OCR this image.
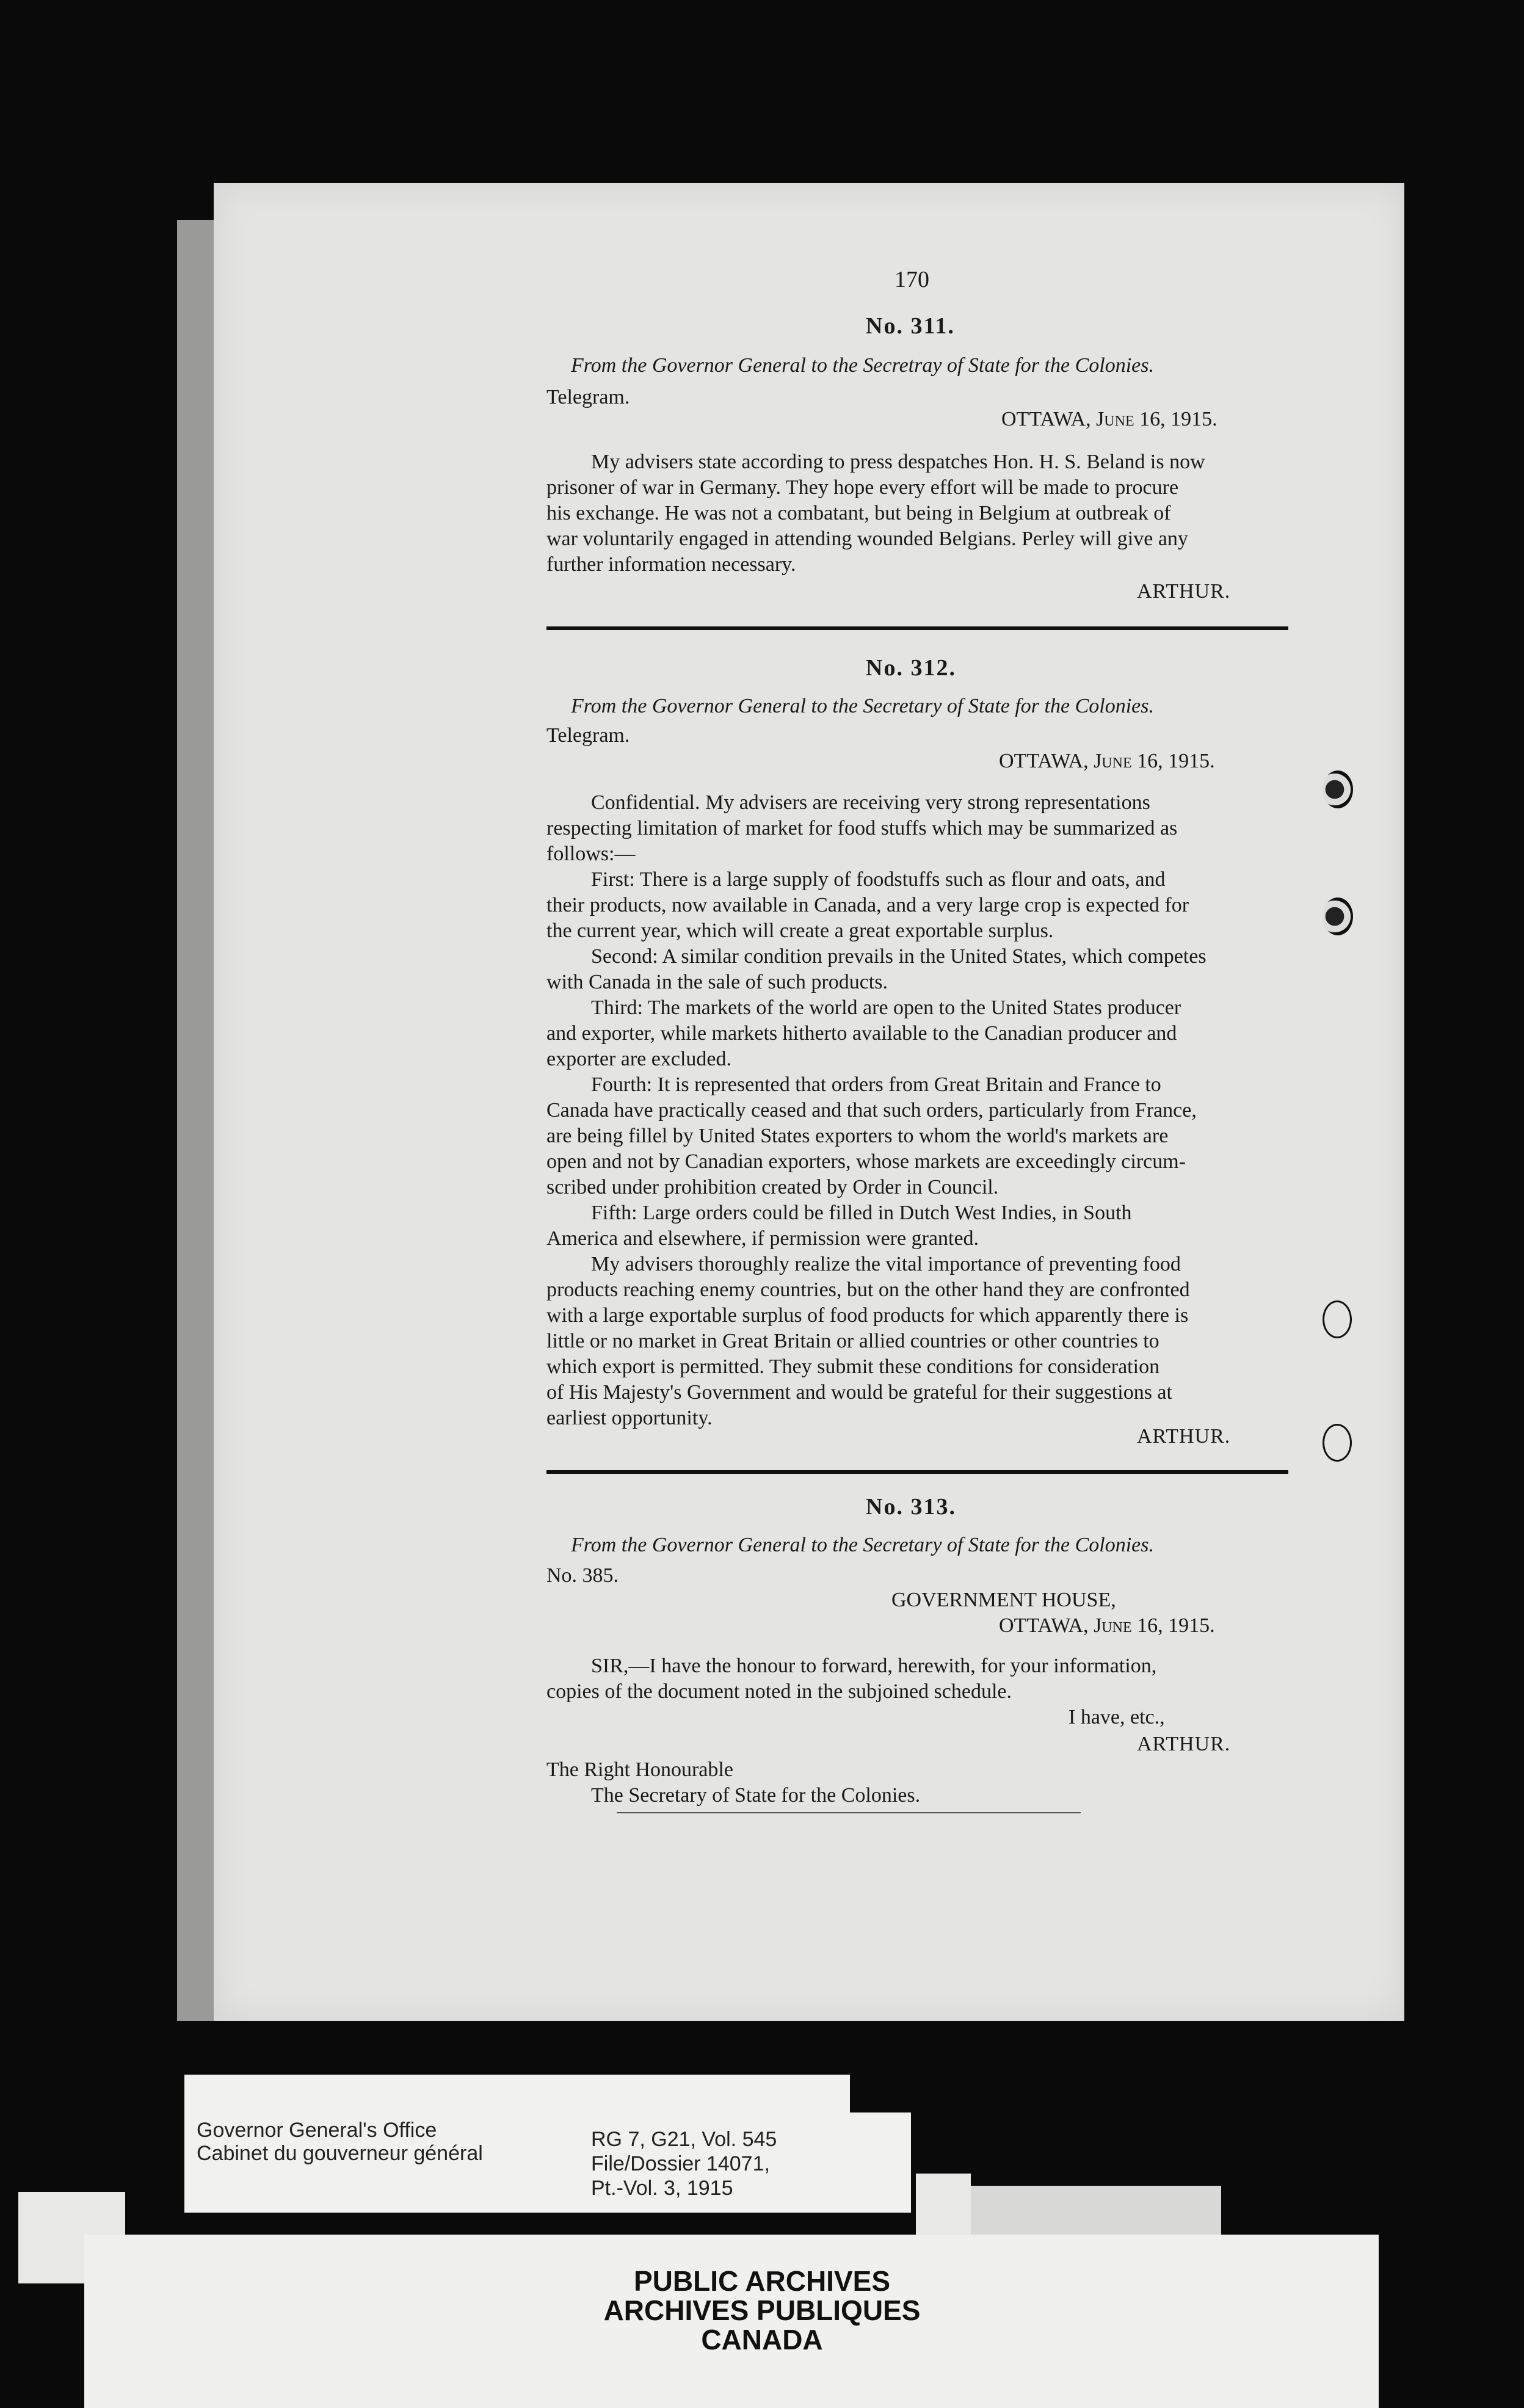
170
No. 311.
From the Governor General to the Secretray of State for the Colonies.
Telegram.
OTTAWA, June 16, 1915.
My advisers state according to press despatches Hon. H. S. Beland is now
prisoner of war in Germany. They hope every effort will be made to procure
his exchange. He was not a combatant, but being in Belgium at outbreak of
war voluntarily engaged in attending wounded Belgians. Perley will give any
further information necessary.
ARTHUR.
No. 312.
From the Governor General to the Secretary of State for the Colonies.
Telegram.
OTTAWA, June 16, 1915.
Confidential. My advisers are receiving very strong representations
respecting limitation of market for food stuffs which may be summarized as
follows:—
First: There is a large supply of foodstuffs such as flour and oats, and
their products, now available in Canada, and a very large crop is expected for
the current year, which will create a great exportable surplus.
Second: A similar condition prevails in the United States, which competes
with Canada in the sale of such products.
Third: The markets of the world are open to the United States producer
and exporter, while markets hitherto available to the Canadian producer and
exporter are excluded.
Fourth: It is represented that orders from Great Britain and France to
Canada have practically ceased and that such orders, particularly from France,
are being fillel by United States exporters to whom the world's markets are
open and not by Canadian exporters, whose markets are exceedingly circum-
scribed under prohibition created by Order in Council.
Fifth: Large orders could be filled in Dutch West Indies, in South
America and elsewhere, if permission were granted.
My advisers thoroughly realize the vital importance of preventing food
products reaching enemy countries, but on the other hand they are confronted
with a large exportable surplus of food products for which apparently there is
little or no market in Great Britain or allied countries or other countries to
which export is permitted. They submit these conditions for consideration
of His Majesty's Government and would be grateful for their suggestions at
earliest opportunity.
ARTHUR.
No. 313.
From the Governor General to the Secretary of State for the Colonies.
No. 385.
GOVERNMENT HOUSE,
OTTAWA, June 16, 1915.
SIR,—I have the honour to forward, herewith, for your information,
copies of the document noted in the subjoined schedule.
I have, etc.,
ARTHUR.
The Right Honourable
The Secretary of State for the Colonies.
Governor General's Office
Cabinet du gouverneur général
RG 7, G21, Vol. 545
File/Dossier 14071,
Pt.-Vol. 3, 1915
PUBLIC ARCHIVES
ARCHIVES PUBLIQUES
CANADA
